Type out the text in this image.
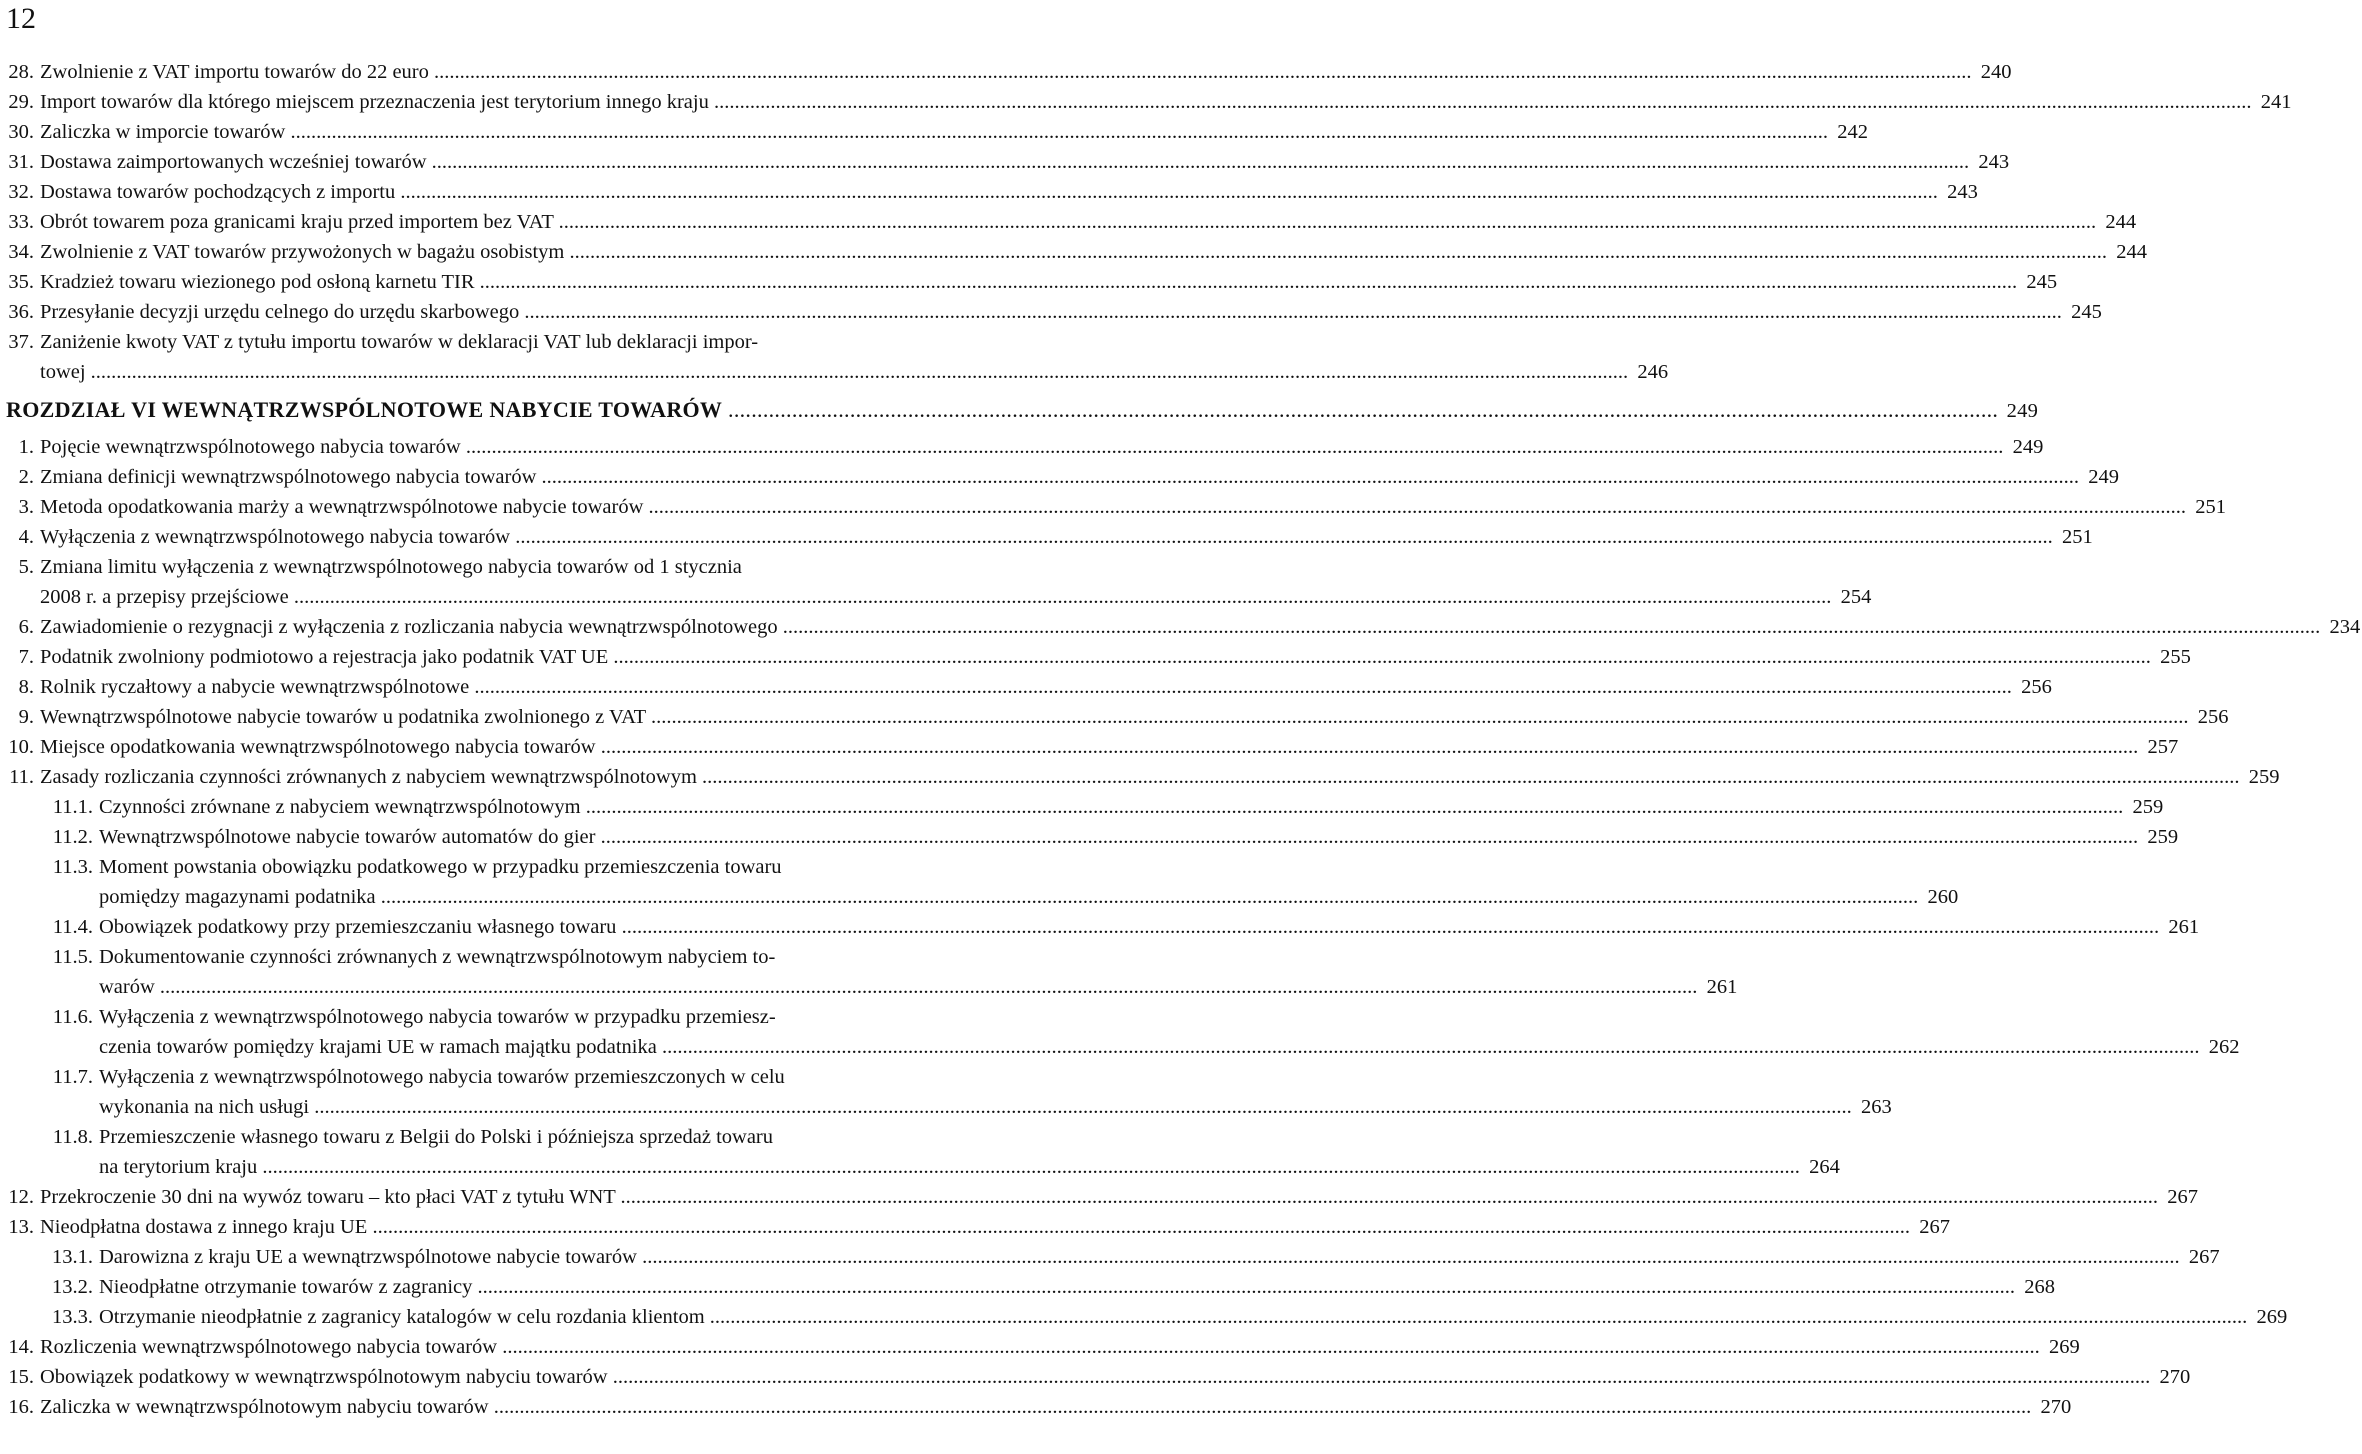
12
28. Zwolnienie z VAT importu towarów do 22 euro .....	240
29. Import towarów dla którego miejscem przeznaczenia jest terytorium innego kraju .....	241
30. Zaliczka w imporcie towarów .....	242
31. Dostawa zaimportowanych wcześniej towarów .....	243
32. Dostawa towarów pochodzących z importu .....	243
33. Obrót towarem poza granicami kraju przed importem bez VAT .....	244
34. Zwolnienie z VAT towarów przywożonych w bagażu osobistym .....	244
35. Kradzież towaru wiezionego pod osłoną karnetu TIR .....	245
36. Przesyłanie decyzji urzędu celnego do urzędu skarbowego .....	245
37. Zaniżenie kwoty VAT z tytułu importu towarów w deklaracji VAT lub deklaracji impor-
towej .....	246
ROZDZIAŁ VI WEWNĄTRZWSPÓLNOTOWE NABYCIE TOWARÓW .....	249
1. Pojęcie wewnątrzwspólnotowego nabycia towarów .....	249
2. Zmiana definicji wewnątrzwspólnotowego nabycia towarów .....	249
3. Metoda opodatkowania marży a wewnątrzwspólnotowe nabycie towarów .....	251
4. Wyłączenia z wewnątrzwspólnotowego nabycia towarów .....	251
5. Zmiana limitu wyłączenia z wewnątrzwspólnotowego nabycia towarów od 1 stycznia
2008 r. a przepisy przejściowe .....	254
6. Zawiadomienie o rezygnacji z wyłączenia z rozliczania nabycia wewnątrzwspólnotowego .....	234
7. Podatnik zwolniony podmiotowo a rejestracja jako podatnik VAT UE .....	255
8. Rolnik ryczałtowy a nabycie wewnątrzwspólnotowe .....	256
9. Wewnątrzwspólnotowe nabycie towarów u podatnika zwolnionego z VAT .....	256
10. Miejsce opodatkowania wewnątrzwspólnotowego nabycia towarów .....	257
11. Zasady rozliczania czynności zrównanych z nabyciem wewnątrzwspólnotowym .....	259
11.1. Czynności zrównane z nabyciem wewnątrzwspólnotowym .....	259
11.2. Wewnątrzwspólnotowe nabycie towarów automatów do gier .....	259
11.3. Moment powstania obowiązku podatkowego w przypadku przemieszczenia towaru
pomiędzy magazynami podatnika .....	260
11.4. Obowiązek podatkowy przy przemieszczaniu własnego towaru .....	261
11.5. Dokumentowanie czynności zrównanych z wewnątrzwspólnotowym nabyciem to-
warów .....	261
11.6. Wyłączenia z wewnątrzwspólnotowego nabycia towarów w przypadku przemiesz-
czenia towarów pomiędzy krajami UE w ramach majątku podatnika .....	262
11.7. Wyłączenia z wewnątrzwspólnotowego nabycia towarów przemieszczonych w celu
wykonania na nich usługi .....	263
11.8. Przemieszczenie własnego towaru z Belgii do Polski i późniejsza sprzedaż towaru
na terytorium kraju .....	264
12. Przekroczenie 30 dni na wywóz towaru – kto płaci VAT z tytułu WNT .....	267
13. Nieodpłatna dostawa z innego kraju UE .....	267
13.1. Darowizna z kraju UE a wewnątrzwspólnotowe nabycie towarów .....	267
13.2. Nieodpłatne otrzymanie towarów z zagranicy .....	268
13.3. Otrzymanie nieodpłatnie z zagranicy katalogów w celu rozdania klientom .....	269
14. Rozliczenia wewnątrzwspólnotowego nabycia towarów .....	269
15. Obowiązek podatkowy w wewnątrzwspólnotowym nabyciu towarów .....	270
16. Zaliczka w wewnątrzwspólnotowym nabyciu towarów .....	270
